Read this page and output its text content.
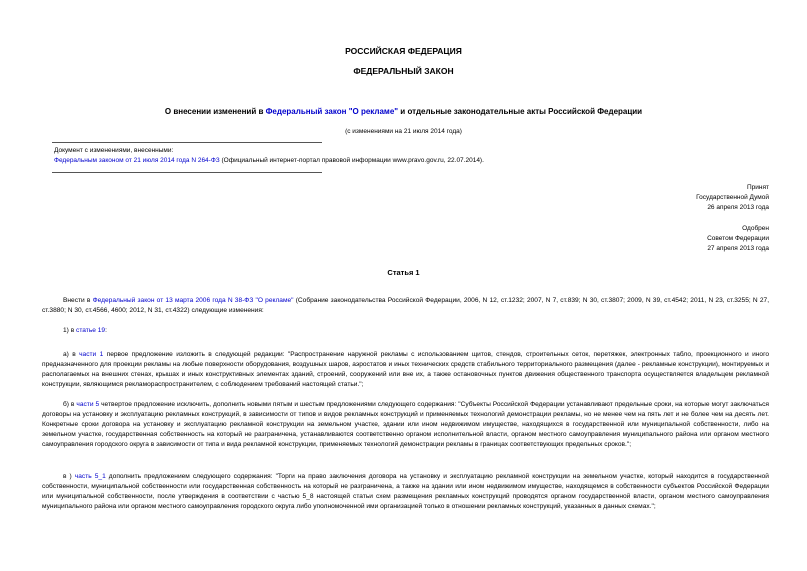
РОССИЙСКАЯ ФЕДЕРАЦИЯ
ФЕДЕРАЛЬНЫЙ ЗАКОН
О внесении изменений в Федеральный закон "О рекламе" и отдельные законодательные акты Российской Федерации
(с изменениями на 21 июля 2014 года)
Документ с изменениями, внесенными:
Федеральным законом от 21 июля 2014 года N 264-ФЗ (Официальный интернет-портал правовой информации www.pravo.gov.ru, 22.07.2014).
Принят
Государственной Думой
26 апреля 2013 года
Одобрен
Советом Федерации
27 апреля 2013 года
Статья 1
Внести в Федеральный закон от 13 марта 2006 года N 38-ФЗ "О рекламе" (Собрание законодательства Российской Федерации, 2006, N 12, ст.1232; 2007, N 7, ст.839; N 30, ст.3807; 2009, N 39, ст.4542; 2011, N 23, ст.3255; N 27, ст.3880; N 30, ст.4566, 4600; 2012, N 31, ст.4322) следующие изменения:
1) в статье 19:
а) в части 1 первое предложение изложить в следующей редакции: "Распространение наружной рекламы с использованием щитов, стендов, строительных сеток, перетяжек, электронных табло, проекционного и иного предназначенного для проекции рекламы на любые поверхности оборудования, воздушных шаров, аэростатов и иных технических средств стабильного территориального размещения (далее - рекламные конструкции), монтируемых и располагаемых на внешних стенах, крышах и иных конструктивных элементах зданий, строений, сооружений или вне их, а также остановочных пунктов движения общественного транспорта осуществляется владельцем рекламной конструкции, являющимся рекламораспространителем, с соблюдением требований настоящей статьи.";
б) в части 5 четвертое предложение исключить, дополнить новыми пятым и шестым предложениями следующего содержания: "Субъекты Российской Федерации устанавливают предельные сроки, на которые могут заключаться договоры на установку и эксплуатацию рекламных конструкций, в зависимости от типов и видов рекламных конструкций и применяемых технологий демонстрации рекламы, но не менее чем на пять лет и не более чем на десять лет. Конкретные сроки договора на установку и эксплуатацию рекламной конструкции на земельном участке, здании или ином недвижимом имуществе, находящихся в государственной или муниципальной собственности, либо на земельном участке, государственная собственность на который не разграничена, устанавливаются соответственно органом исполнительной власти, органом местного самоуправления муниципального района или органом местного самоуправления городского округа в зависимости от типа и вида рекламной конструкции, применяемых технологий демонстрации рекламы в границах соответствующих предельных сроков.";
в ) часть 5_1 дополнить предложением следующего содержания: "Торги на право заключения договора на установку и эксплуатацию рекламной конструкции на земельном участке, который находится в государственной собственности, муниципальной собственности или государственная собственность на который не разграничена, а также на здании или ином недвижимом имуществе, находящемся в собственности субъектов Российской Федерации или муниципальной собственности, после утверждения в соответствии с частью 5_8 настоящей статьи схем размещения рекламных конструкций проводятся органом государственной власти, органом местного самоуправления муниципального района или органом местного самоуправления городского округа либо уполномоченной ими организацией только в отношении рекламных конструкций, указанных в данных схемах.";
